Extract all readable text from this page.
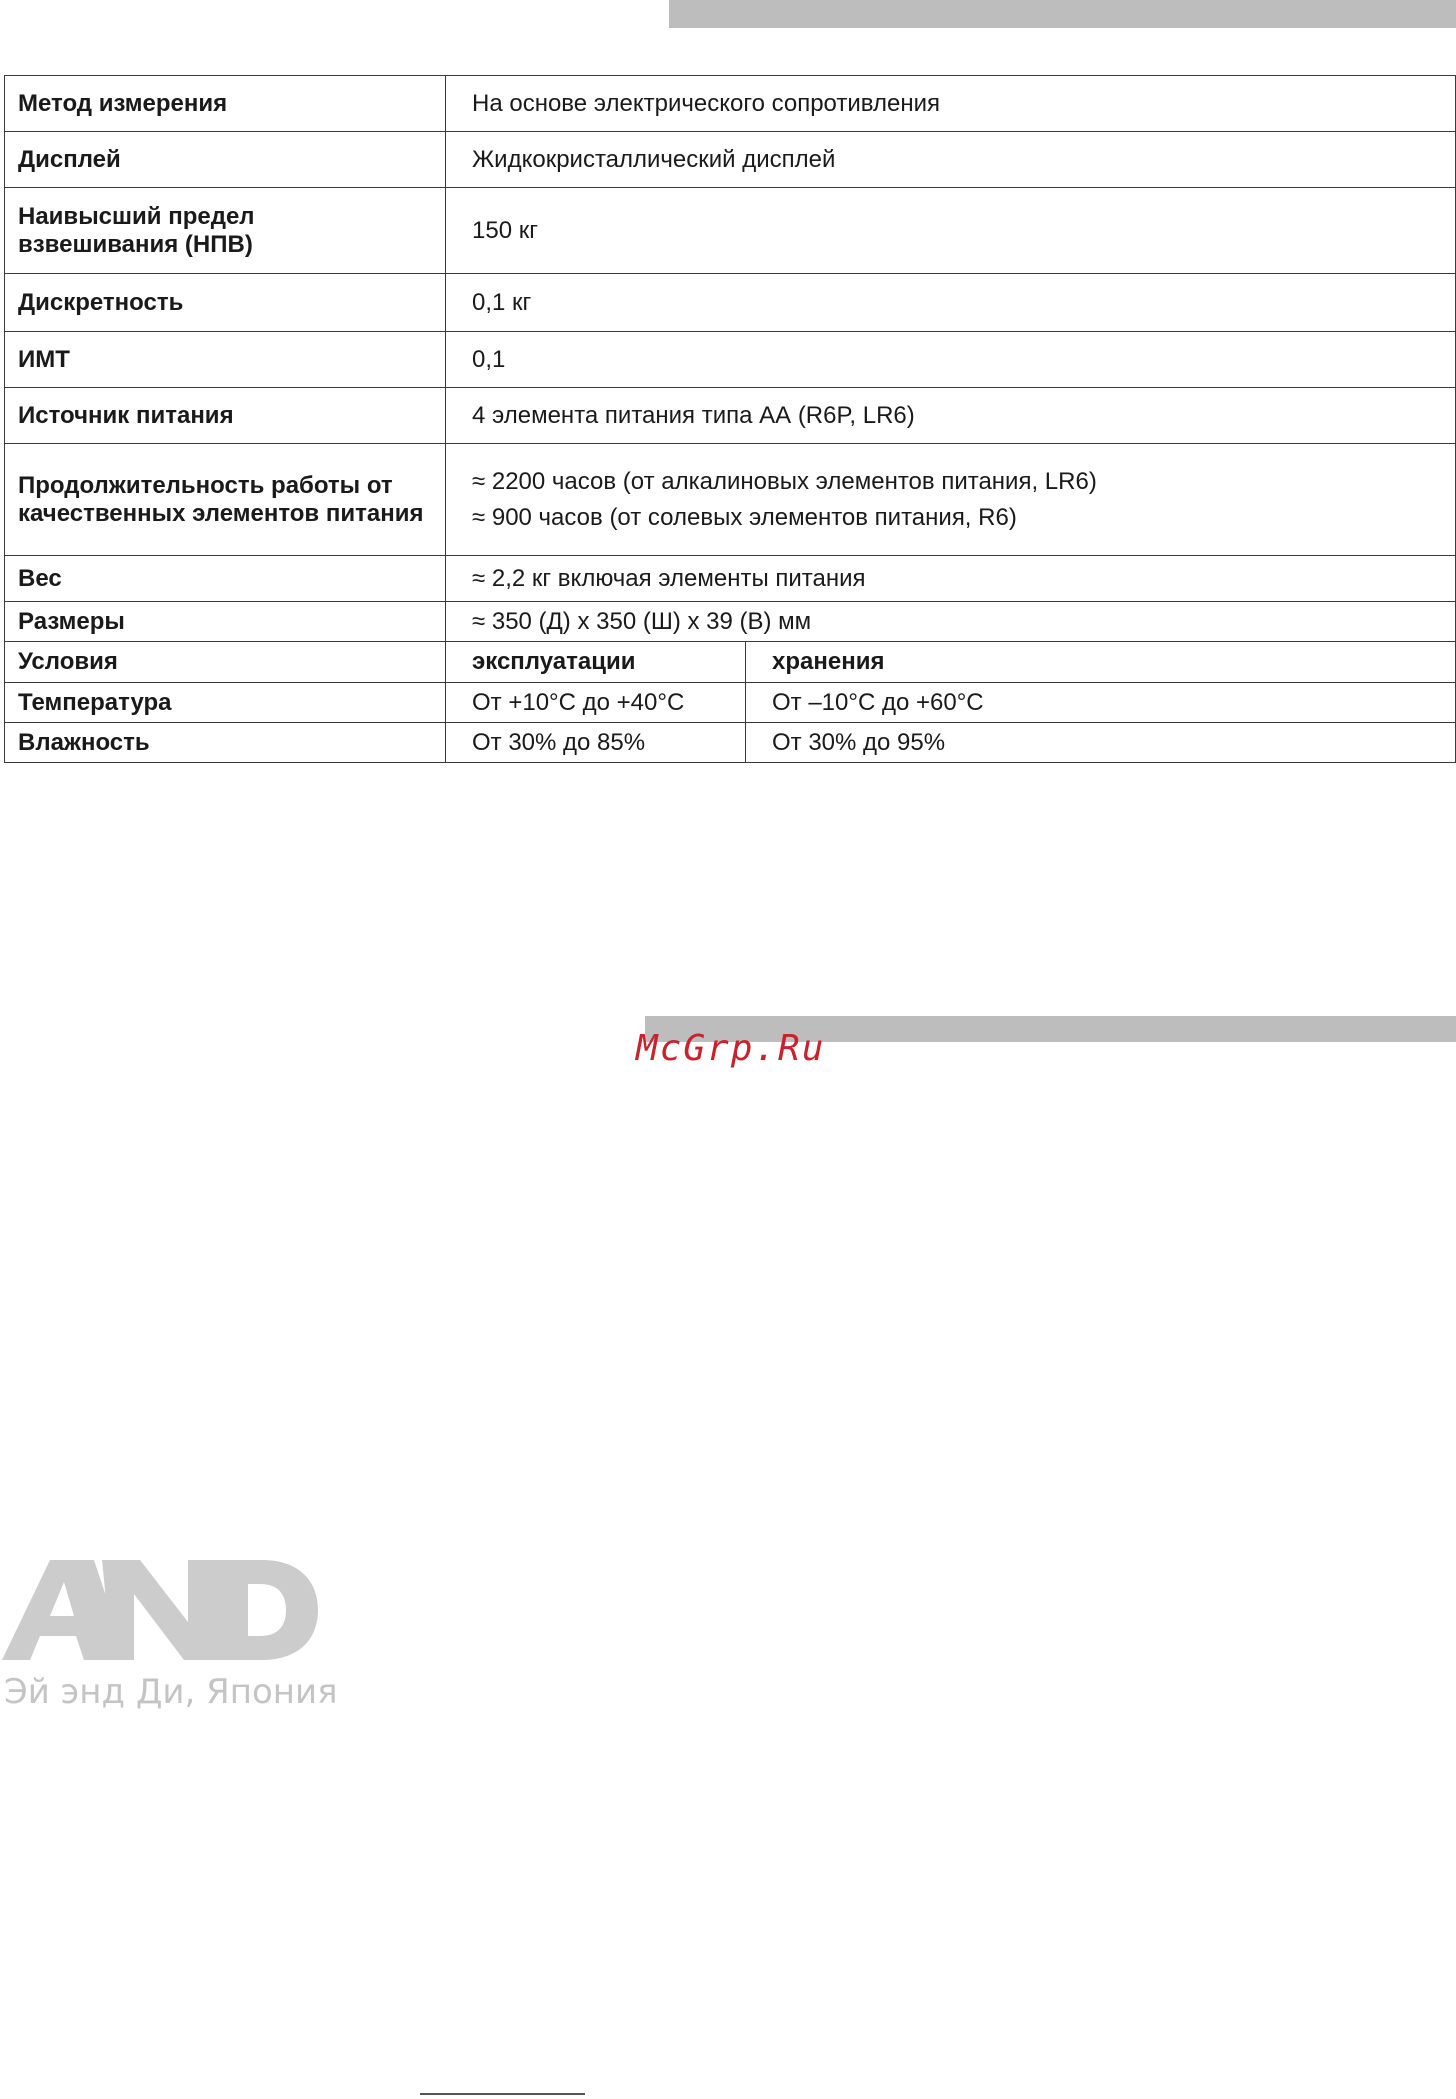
Метод измерения	На основе электрического сопротивления	
Дисплей	Жидкокристаллический дисплей	
Наивысший предел
взвешивания (НПВ)	150 кг	
Дискретность	0,1 кг	
ИМТ	0,1	
Источник питания	4 элемента питания типа АА (R6P, LR6)	
Продолжительность работы от качественных элементов питания	≈ 2200 часов (от алкалиновых элементов питания, LR6)
≈ 900 часов (от солевых элементов питания, R6)	
Вес	≈ 2,2 кг включая элементы питания	
Размеры	≈ 350 (Д) х 350 (Ш) х 39 (В) мм	
Условия	эксплуатации	хранения
Температура	От +10°С до +40°С	От –10°С до +60°С
Влажность	От 30% до 85%	От 30% до 95%
McGrp.Ru
Эй энд Ди, Япония
